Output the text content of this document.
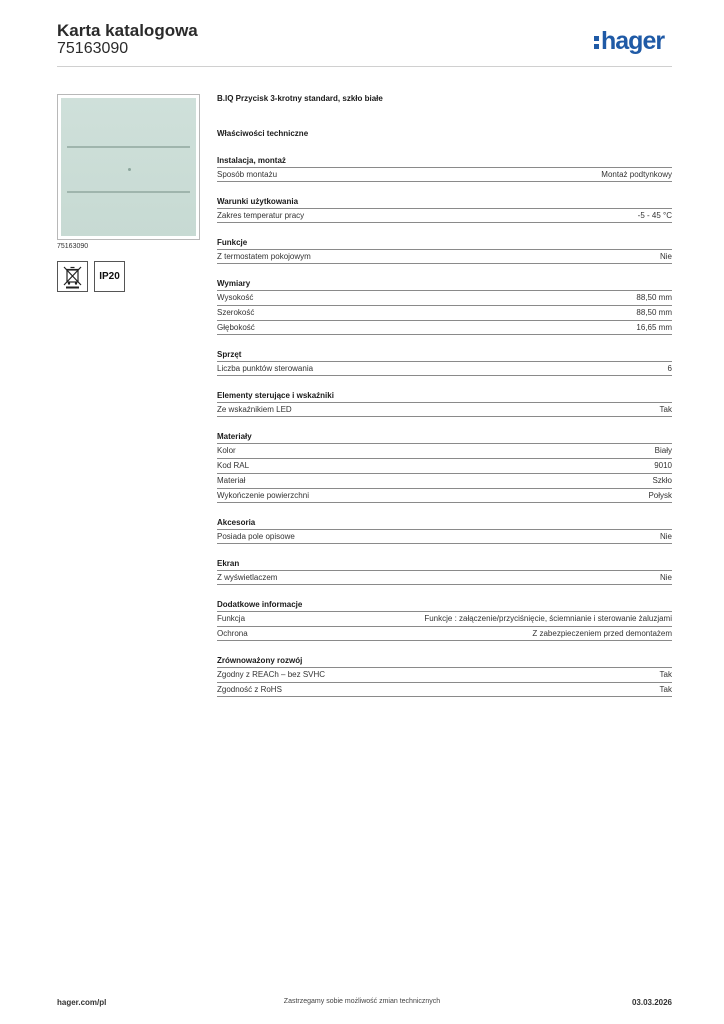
Karta katalogowa
75163090	hager
75163090
IP20
B.IQ Przycisk 3-krotny standard, szkło białe
Właściwości techniczne
Instalacja, montaż
Sposób montażu	Montaż podtynkowy
Warunki użytkowania
Zakres temperatur pracy	-5 - 45 °C
Funkcje
Z termostatem pokojowym	Nie
Wymiary
Wysokość	88,50 mm
Szerokość	88,50 mm
Głębokość	16,65 mm
Sprzęt
Liczba punktów sterowania	6
Elementy sterujące i wskaźniki
Ze wskaźnikiem LED	Tak
Materiały
Kolor	Biały
Kod RAL	9010
Materiał	Szkło
Wykończenie powierzchni	Połysk
Akcesoria
Posiada pole opisowe	Nie
Ekran
Z wyświetlaczem	Nie
Dodatkowe informacje
Funkcja	Funkcje : załączenie/przyciśnięcie, ściemnianie i sterowanie żaluzjami
Ochrona	Z zabezpieczeniem przed demontażem
Zrównoważony rozwój
Zgodny z REACh – bez SVHC	Tak
Zgodność z RoHS	Tak
hager.com/pl	Zastrzegamy sobie możliwość zmian technicznych	03.03.2026
